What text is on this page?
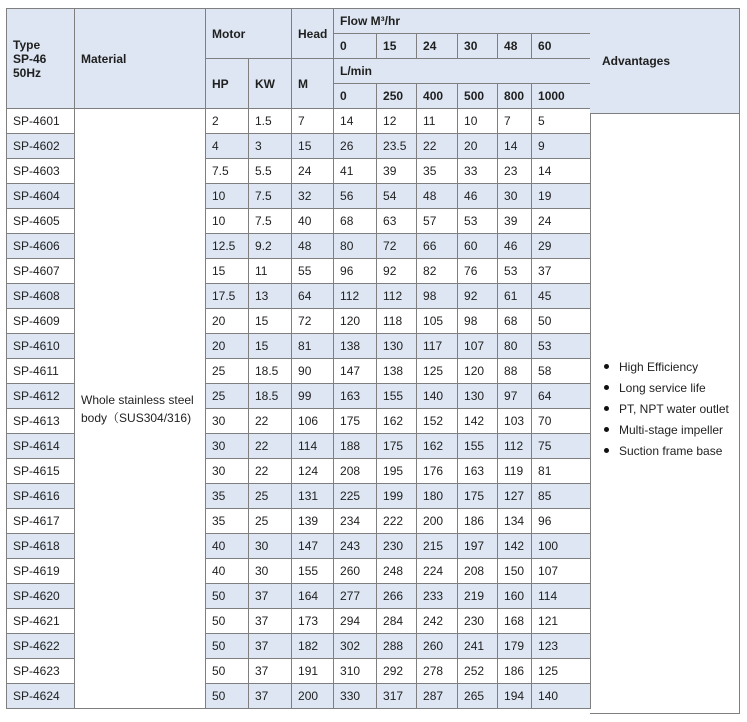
Type
SP-46
50Hz	Material	Motor		Head	Flow M³/hr					
					0	15	24	30	48	60
		HP	KW	M	L/min					
					0	250	400	500	800	1000
SP-4601	Whole stainless steel
body（SUS304/316)	2	1.5	7	14	12	11	10	7	5
SP-4602		4	3	15	26	23.5	22	20	14	9
SP-4603		7.5	5.5	24	41	39	35	33	23	14
SP-4604		10	7.5	32	56	54	48	46	30	19
SP-4605		10	7.5	40	68	63	57	53	39	24
SP-4606		12.5	9.2	48	80	72	66	60	46	29
SP-4607		15	11	55	96	92	82	76	53	37
SP-4608		17.5	13	64	112	112	98	92	61	45
SP-4609		20	15	72	120	118	105	98	68	50
SP-4610		20	15	81	138	130	117	107	80	53
SP-4611		25	18.5	90	147	138	125	120	88	58
SP-4612		25	18.5	99	163	155	140	130	97	64
SP-4613		30	22	106	175	162	152	142	103	70
SP-4614		30	22	114	188	175	162	155	112	75
SP-4615		30	22	124	208	195	176	163	119	81
SP-4616		35	25	131	225	199	180	175	127	85
SP-4617		35	25	139	234	222	200	186	134	96
SP-4618		40	30	147	243	230	215	197	142	100
SP-4619		40	30	155	260	248	224	208	150	107
SP-4620		50	37	164	277	266	233	219	160	114
SP-4621		50	37	173	294	284	242	230	168	121
SP-4622		50	37	182	302	288	260	241	179	123
SP-4623		50	37	191	310	292	278	252	186	125
SP-4624		50	37	200	330	317	287	265	194	140
Advantages
High Efficiency
Long service life
PT, NPT water outlet
Multi-stage impeller
Suction frame base
